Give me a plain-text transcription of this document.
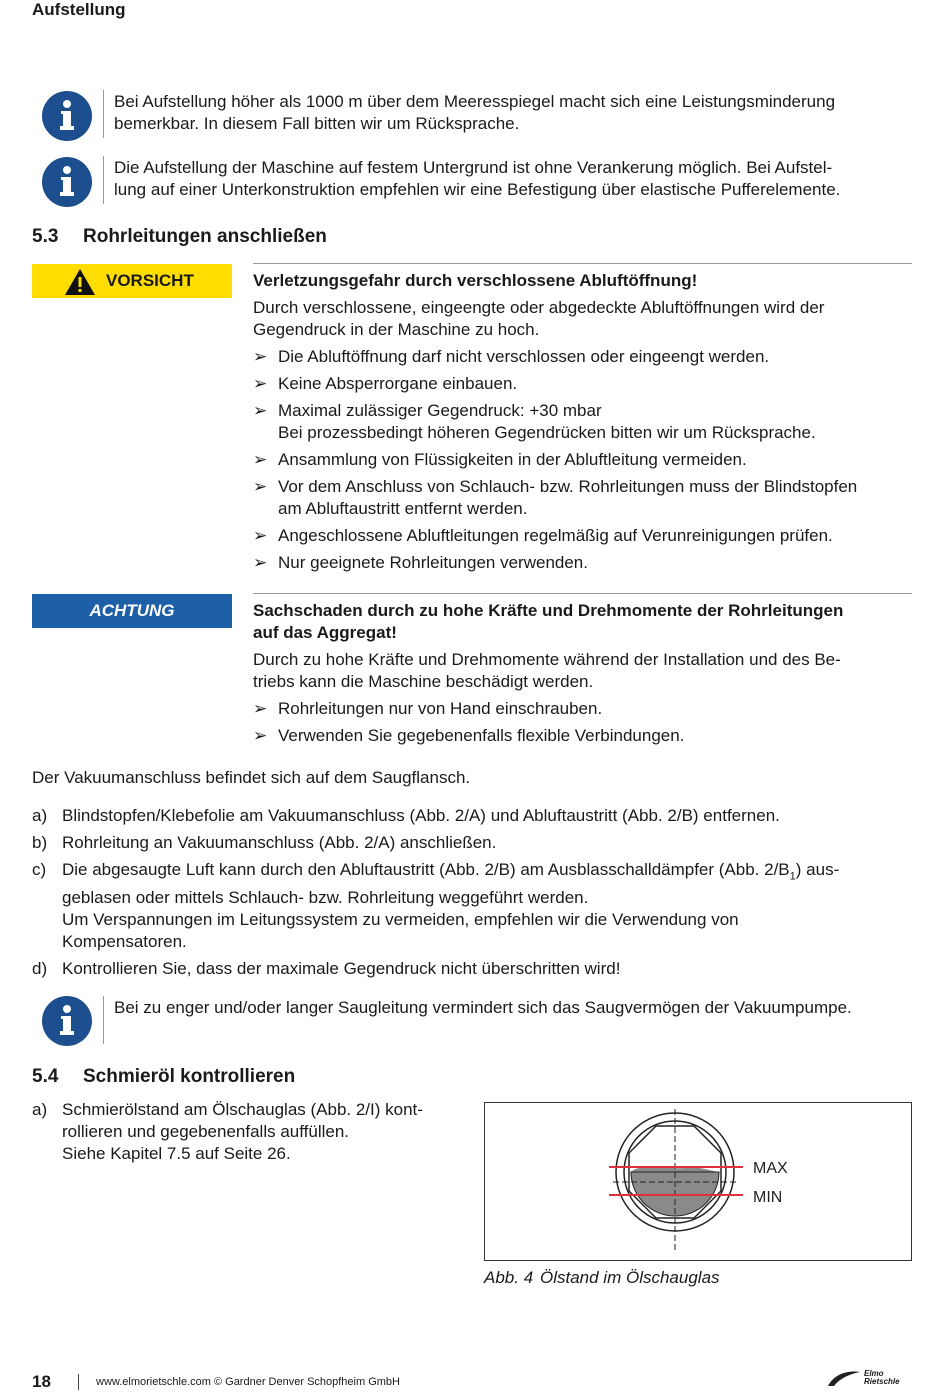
Aufstellung
Bei Aufstellung höher als 1000 m über dem Meeresspiegel macht sich eine Leistungsminderung
bemerkbar. In diesem Fall bitten wir um Rücksprache.
Die Aufstellung der Maschine auf festem Untergrund ist ohne Verankerung möglich. Bei Aufstel-
lung auf einer Unterkonstruktion empfehlen wir eine Befestigung über elastische Pufferelemente.
5.3 Rohrleitungen anschließen
VORSICHT	Verletzungsgefahr durch verschlossene Abluftöffnung!

Durch verschlossene, eingeengte oder abgedeckte Abluftöffnungen wird der
Gegendruck in der Maschine zu hoch.

➢ Die Abluftöffnung darf nicht verschlossen oder eingeengt werden.
➢ Keine Absperrorgane einbauen.
➢ Maximal zulässiger Gegendruck: +30 mbar
Bei prozessbedingt höheren Gegendrücken bitten wir um Rücksprache.
➢ Ansammlung von Flüssigkeiten in der Abluftleitung vermeiden.
➢ Vor dem Anschluss von Schlauch- bzw. Rohrleitungen muss der Blindstopfen
am Abluftaustritt entfernt werden.
➢ Angeschlossene Abluftleitungen regelmäßig auf Verunreinigungen prüfen.
➢ Nur geeignete Rohrleitungen verwenden.
ACHTUNG	Sachschaden durch zu hohe Kräfte und Drehmomente der Rohrleitungen
auf das Aggregat!

Durch zu hohe Kräfte und Drehmomente während der Installation und des Be-
triebs kann die Maschine beschädigt werden.

➢ Rohrleitungen nur von Hand einschrauben.
➢ Verwenden Sie gegebenenfalls flexible Verbindungen.
Der Vakuumanschluss befindet sich auf dem Saugflansch.
a) Blindstopfen/Klebefolie am Vakuumanschluss (Abb. 2/A) und Abluftaustritt (Abb. 2/B) entfernen.
b) Rohrleitung an Vakuumanschluss (Abb. 2/A) anschließen.
c) Die abgesaugte Luft kann durch den Abluftaustritt (Abb. 2/B) am Ausblasschalldämpfer (Abb. $2/B_1$) aus-
geblasen oder mittels Schlauch- bzw. Rohrleitung weggeführt werden.
Um Verspannungen im Leitungssystem zu vermeiden, empfehlen wir die Verwendung von
Kompensatoren.
d) Kontrollieren Sie, dass der maximale Gegendruck nicht überschritten wird!
Bei zu enger und/oder langer Saugleitung vermindert sich das Saugvermögen der Vakuumpumpe.
5.4 Schmieröl kontrollieren
a) Schmierölstand am Ölschauglas (Abb. 2/I) kont-
rollieren und gegebenenfalls auffüllen.
Siehe Kapitel 7.5 auf Seite 26.
MAX
MIN
Abb. 4 Ölstand im Ölschauglas
18	www.elmorietschle.com © Gardner Denver Schopfheim GmbH
Elmo
Rietschle
